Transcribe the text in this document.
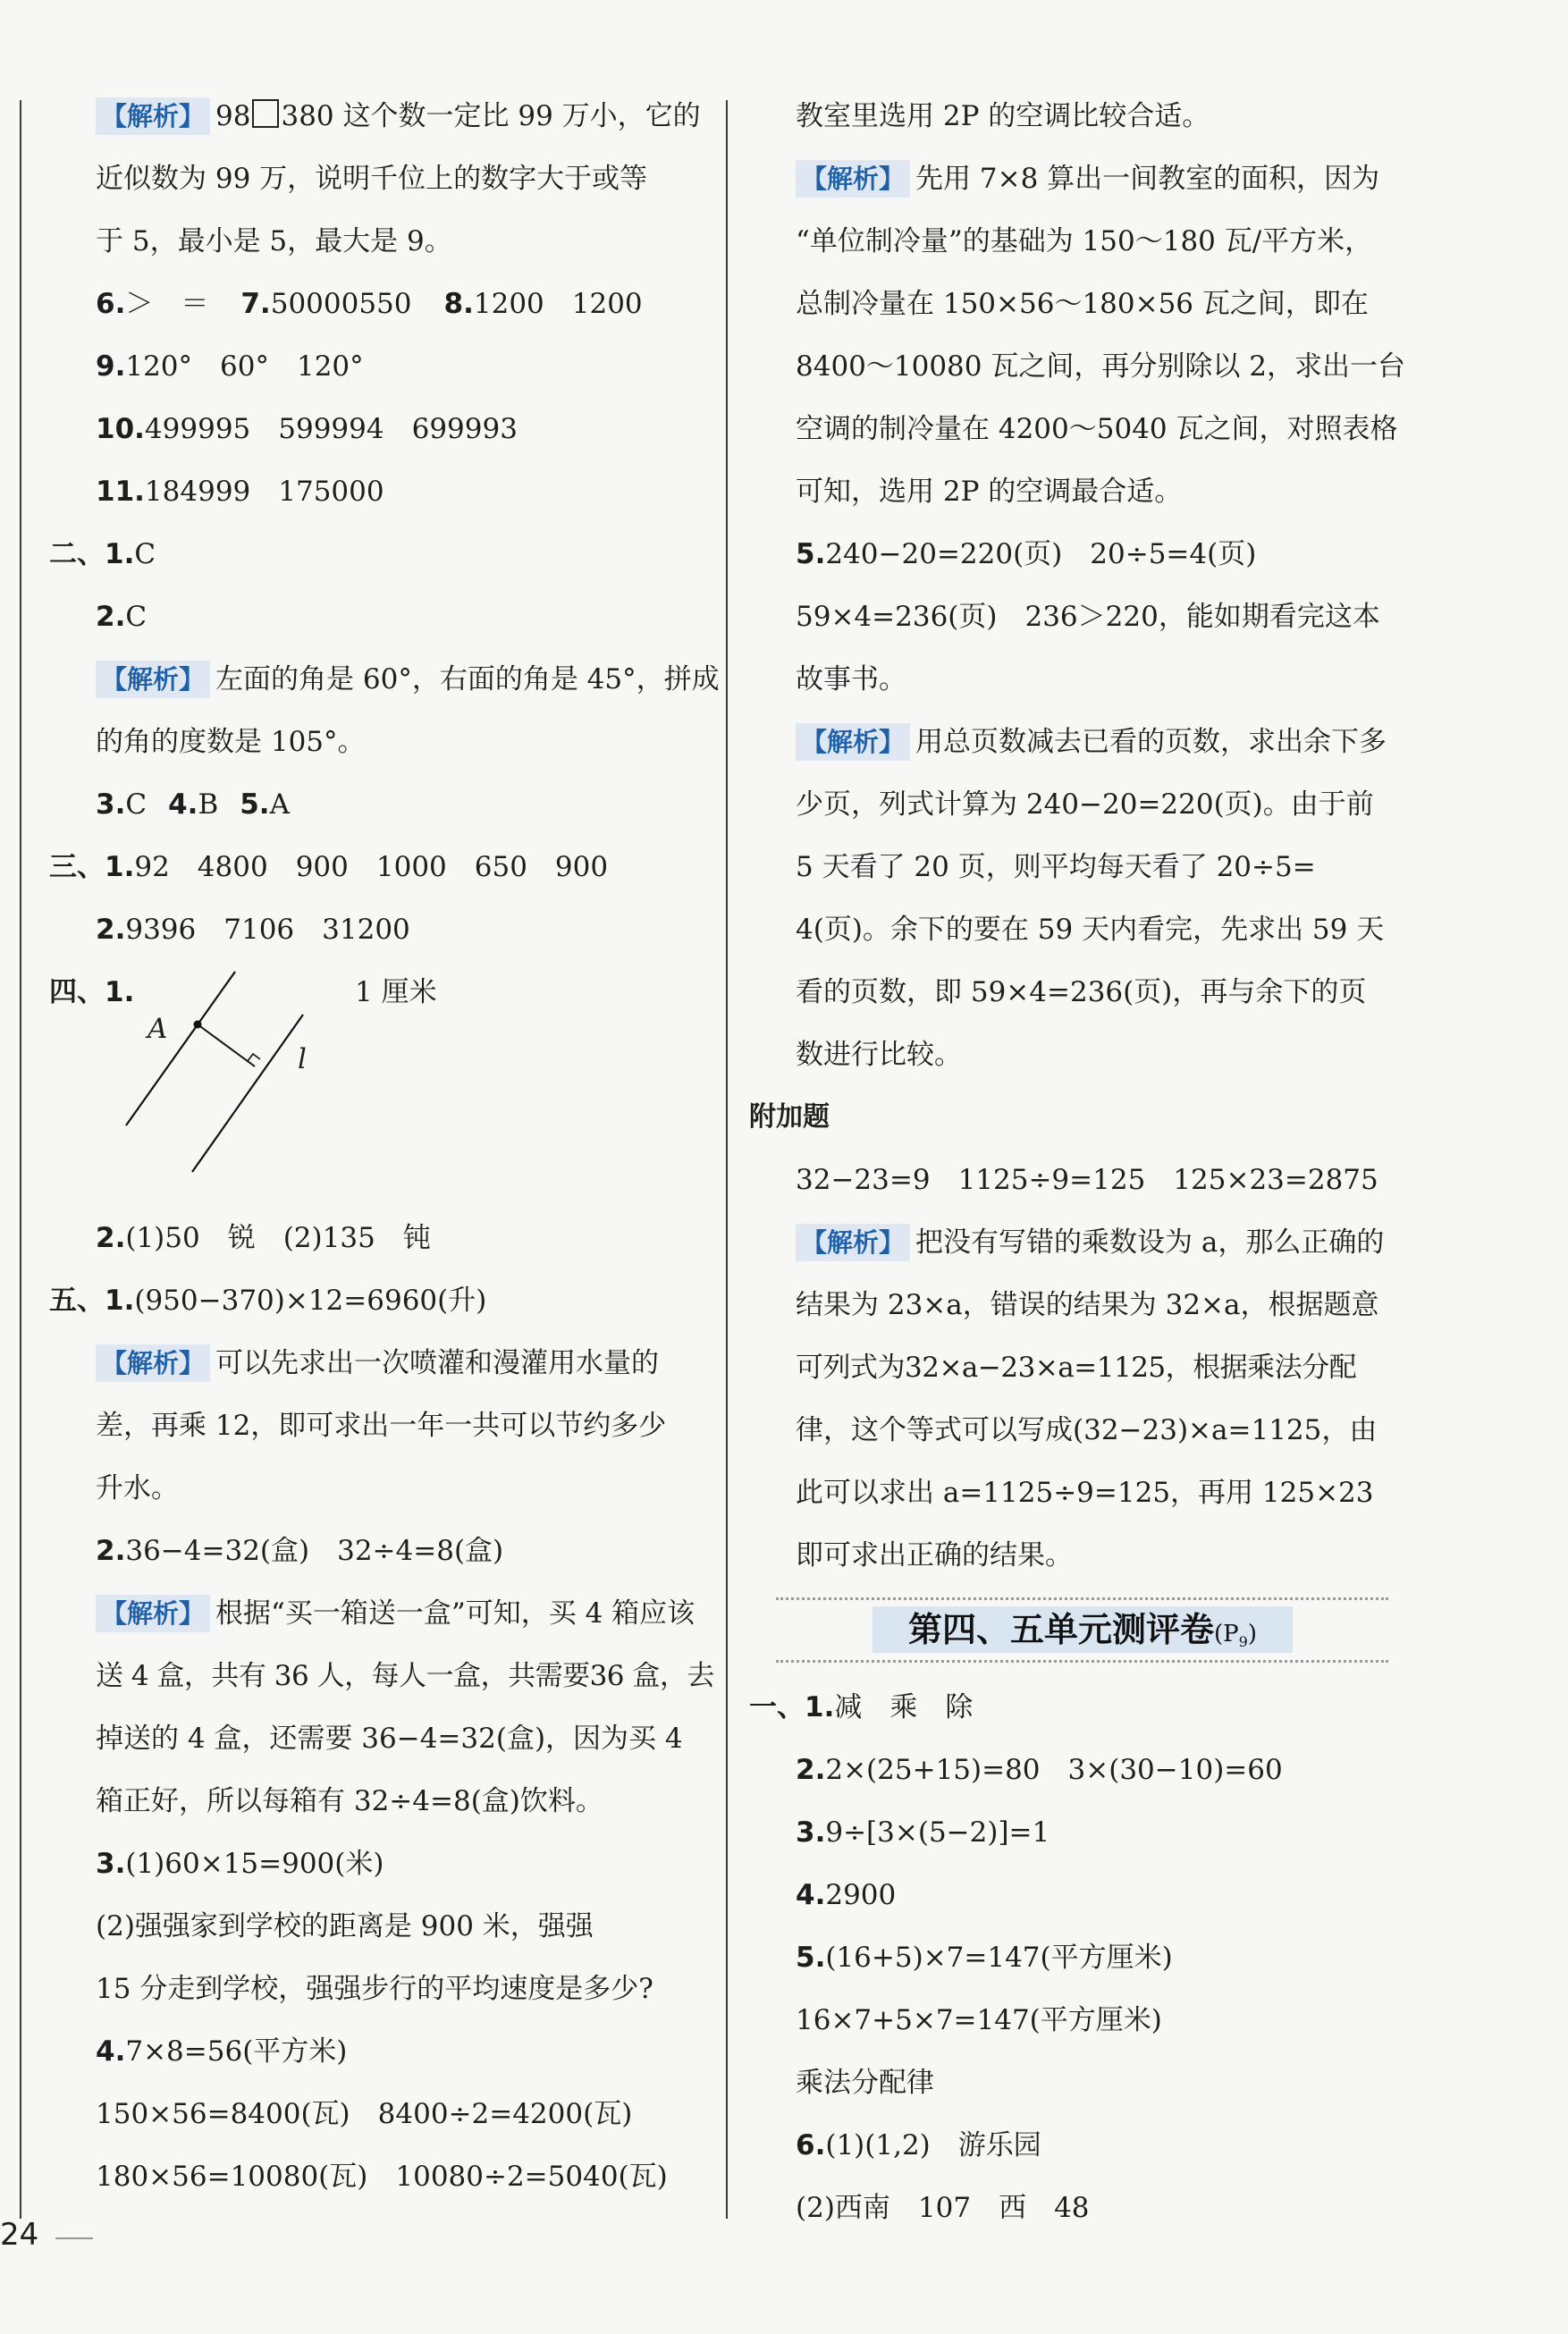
【解析】 98 380 这个数一定比 99 万小，它的
近似数为 99 万，说明千位上的数字大于或等
于 5，最小是 5，最大是 9。
6.＞　＝ 7.50000550 8.1200　1200
9.120°　60°　120°
10.499995　599994　699993
11.184999　175000
二、1.C
2.C
【解析】 左面的角是 60°，右面的角是 45°，拼成
的角的度数是 105°。
3.C 4.B 5.A
三、1.92　4800　900　1000　650　900
2.9396　7106　31200
四、1.	1 厘米
A
l
2.(1)50　锐　(2)135　钝
五、1.(950−370)×12=6960(升)
【解析】 可以先求出一次喷灌和漫灌用水量的
差，再乘 12，即可求出一年一共可以节约多少
升水。
2.36−4=32(盒)　32÷4=8(盒)
【解析】 根据“买一箱送一盒”可知，买 4 箱应该
送 4 盒，共有 36 人，每人一盒，共需要36 盒，去
掉送的 4 盒，还需要 36−4=32(盒)，因为买 4
箱正好，所以每箱有 32÷4=8(盒)饮料。
3.(1)60×15=900(米)
(2)强强家到学校的距离是 900 米，强强
15 分走到学校，强强步行的平均速度是多少?
4.7×8=56(平方米)
150×56=8400(瓦)　8400÷2=4200(瓦)
180×56=10080(瓦)　10080÷2=5040(瓦)
教室里选用 2P 的空调比较合适。
【解析】 先用 7×8 算出一间教室的面积，因为
“单位制冷量”的基础为 150～180 瓦/平方米，
总制冷量在 150×56～180×56 瓦之间，即在
8400～10080 瓦之间，再分别除以 2，求出一台
空调的制冷量在 4200～5040 瓦之间，对照表格
可知，选用 2P 的空调最合适。
5.240−20=220(页)　20÷5=4(页)
59×4=236(页)　236＞220，能如期看完这本
故事书。
【解析】 用总页数减去已看的页数，求出余下多
少页，列式计算为 240−20=220(页)。由于前
5 天看了 20 页，则平均每天看了 20÷5=
4(页)。余下的要在 59 天内看完，先求出 59 天
看的页数，即 59×4=236(页)，再与余下的页
数进行比较。
附加题
32−23=9　1125÷9=125　125×23=2875
【解析】 把没有写错的乘数设为 a，那么正确的
结果为 23×a，错误的结果为 32×a，根据题意
可列式为32×a−23×a=1125，根据乘法分配
律，这个等式可以写成(32−23)×a=1125，由
此可以求出 a=1125÷9=125，再用 125×23
即可求出正确的结果。
第四、五单元测评卷$(P_9)$
一、1.减　乘　除
2.2×(25+15)=80　3×(30−10)=60
3.9÷[3×(5−2)]=1
4.2900
5.(16+5)×7=147(平方厘米)
16×7+5×7=147(平方厘米)
乘法分配律
6.(1)(1,2)　游乐园
(2)西南　107　西　48
24
